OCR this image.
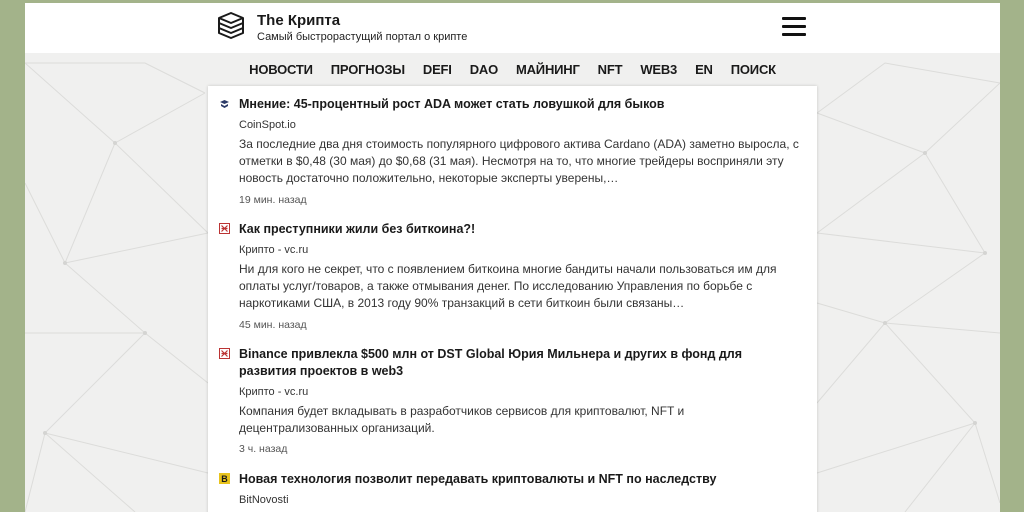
The Крипта
Самый быстрорастущий портал о крипте
НОВОСТИ ПРОГНОЗЫ DEFI DAO МАЙНИНГ NFT WEB3 EN ПОИСК
Мнение: 45-процентный рост ADA может стать ловушкой для быков
CoinSpot.io
За последние два дня стоимость популярного цифрового актива Cardano (ADA) заметно выросла, с отметки в $0,48 (30 мая) до $0,68 (31 мая). Несмотря на то, что многие трейдеры восприняли эту новость достаточно положительно, некоторые эксперты уверены,…
19 мин. назад
Как преступники жили без биткоина?!
Крипто - vc.ru
Ни для кого не секрет, что с появлением биткоина многие бандиты начали пользоваться им для оплаты услуг/товаров, а также отмывания денег. По исследованию Управления по борьбе с наркотиками США, в 2013 году 90% транзакций в сети биткоин были связаны…
45 мин. назад
Binance привлекла $500 млн от DST Global Юрия Мильнера и других в фонд для развития проектов в web3
Крипто - vc.ru
Компания будет вкладывать в разработчиков сервисов для криптовалют, NFT и децентрализованных организаций.
3 ч. назад
B Новая технология позволит передавать криптовалюты и NFT по наследству
BitNovosti
